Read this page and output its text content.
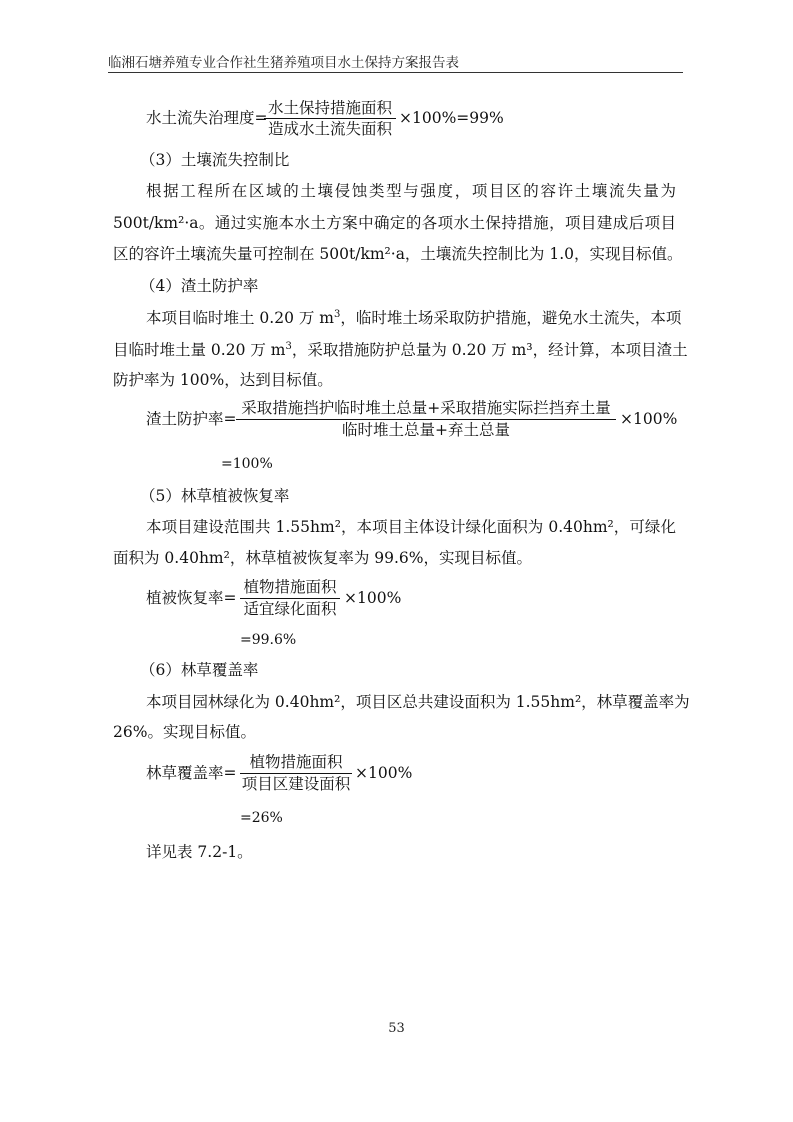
临湘石塘养殖专业合作社生猪养殖项目水土保持方案报告表
水土流失治理度=
水土保持措施面积
造成水土流失面积
×100%=99%
（3）土壤流失控制比
根据工程所在区域的土壤侵蚀类型与强度，项目区的容许土壤流失量为
500t/km²·a。通过实施本水土方案中确定的各项水土保持措施，项目建成后项目
区的容许土壤流失量可控制在 500t/km²·a，土壤流失控制比为 1.0，实现目标值。
（4）渣土防护率
本项目临时堆土 0.20 万 $m^3$，临时堆土场采取防护措施，避免水土流失，本项
目临时堆土量 0.20 万 $m^3$，采取措施防护总量为 0.20 万 m³，经计算，本项目渣土
防护率为 100%，达到目标值。
渣土防护率=
采取措施挡护临时堆土总量+采取措施实际拦挡弃土量
临时堆土总量+弃土总量
×100%
=100%
（5）林草植被恢复率
本项目建设范围共 1.55hm²，本项目主体设计绿化面积为 0.40hm²，可绿化
面积为 0.40hm²，林草植被恢复率为 99.6%，实现目标值。
植被恢复率=
植物措施面积
适宜绿化面积
×100%
=99.6%
（6）林草覆盖率
本项目园林绿化为 0.40hm²，项目区总共建设面积为 1.55hm²，林草覆盖率为
26%。实现目标值。
林草覆盖率=
植物措施面积
项目区建设面积
×100%
=26%
详见表 7.2-1。
53
